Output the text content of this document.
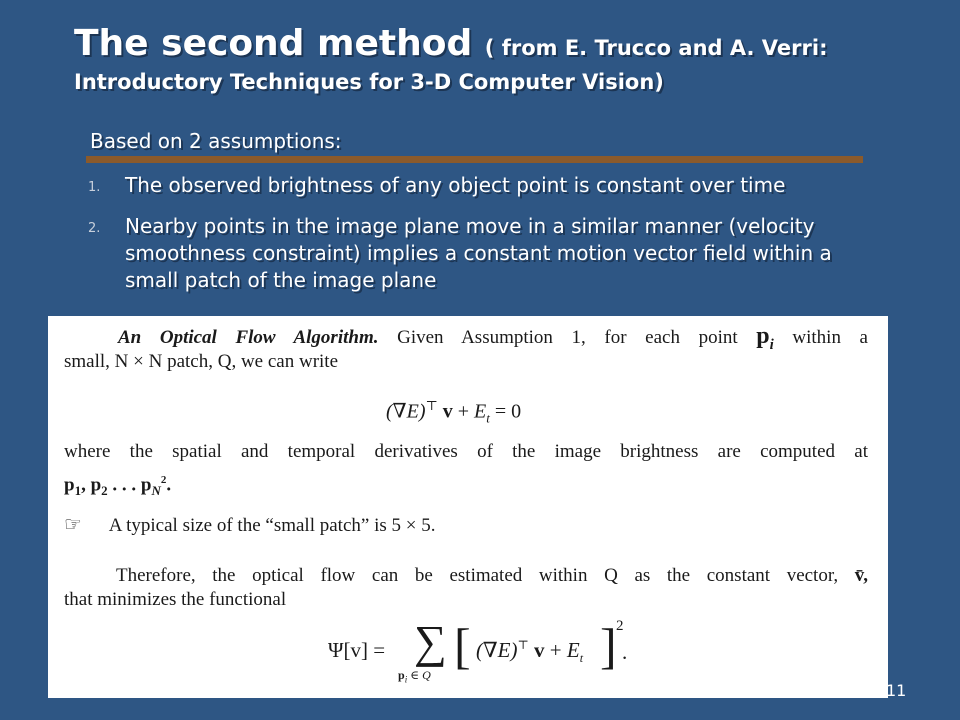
The second method ( from E. Trucco and A. Verri:
Introductory Techniques for 3-D Computer Vision)
Based on 2 assumptions:
1. The observed brightness of any object point is constant over time
2. Nearby points in the image plane move in a similar manner (velocity smoothness constraint) implies a constant motion vector field within a small patch of the image plane
An Optical Flow Algorithm. Given Assumption 1, for each point $p_i$ within a
small, N × N patch, Q, we can write
(∇E)⊤ $v + E_t = 0$
where the spatial and temporal derivatives of the image brightness are computed at
$p_1$, $p_2$ . . . $p_N^2$.
☞ A typical size of the “small patch” is 5 × 5.
Therefore, the optical flow can be estimated within Q as the constant vector, v̄,
that minimizes the functional
Ψ[v] = ∑
$p_i$ ∈ Q
[ (∇E)⊤ $v + E_t$ ] 2
.
11
